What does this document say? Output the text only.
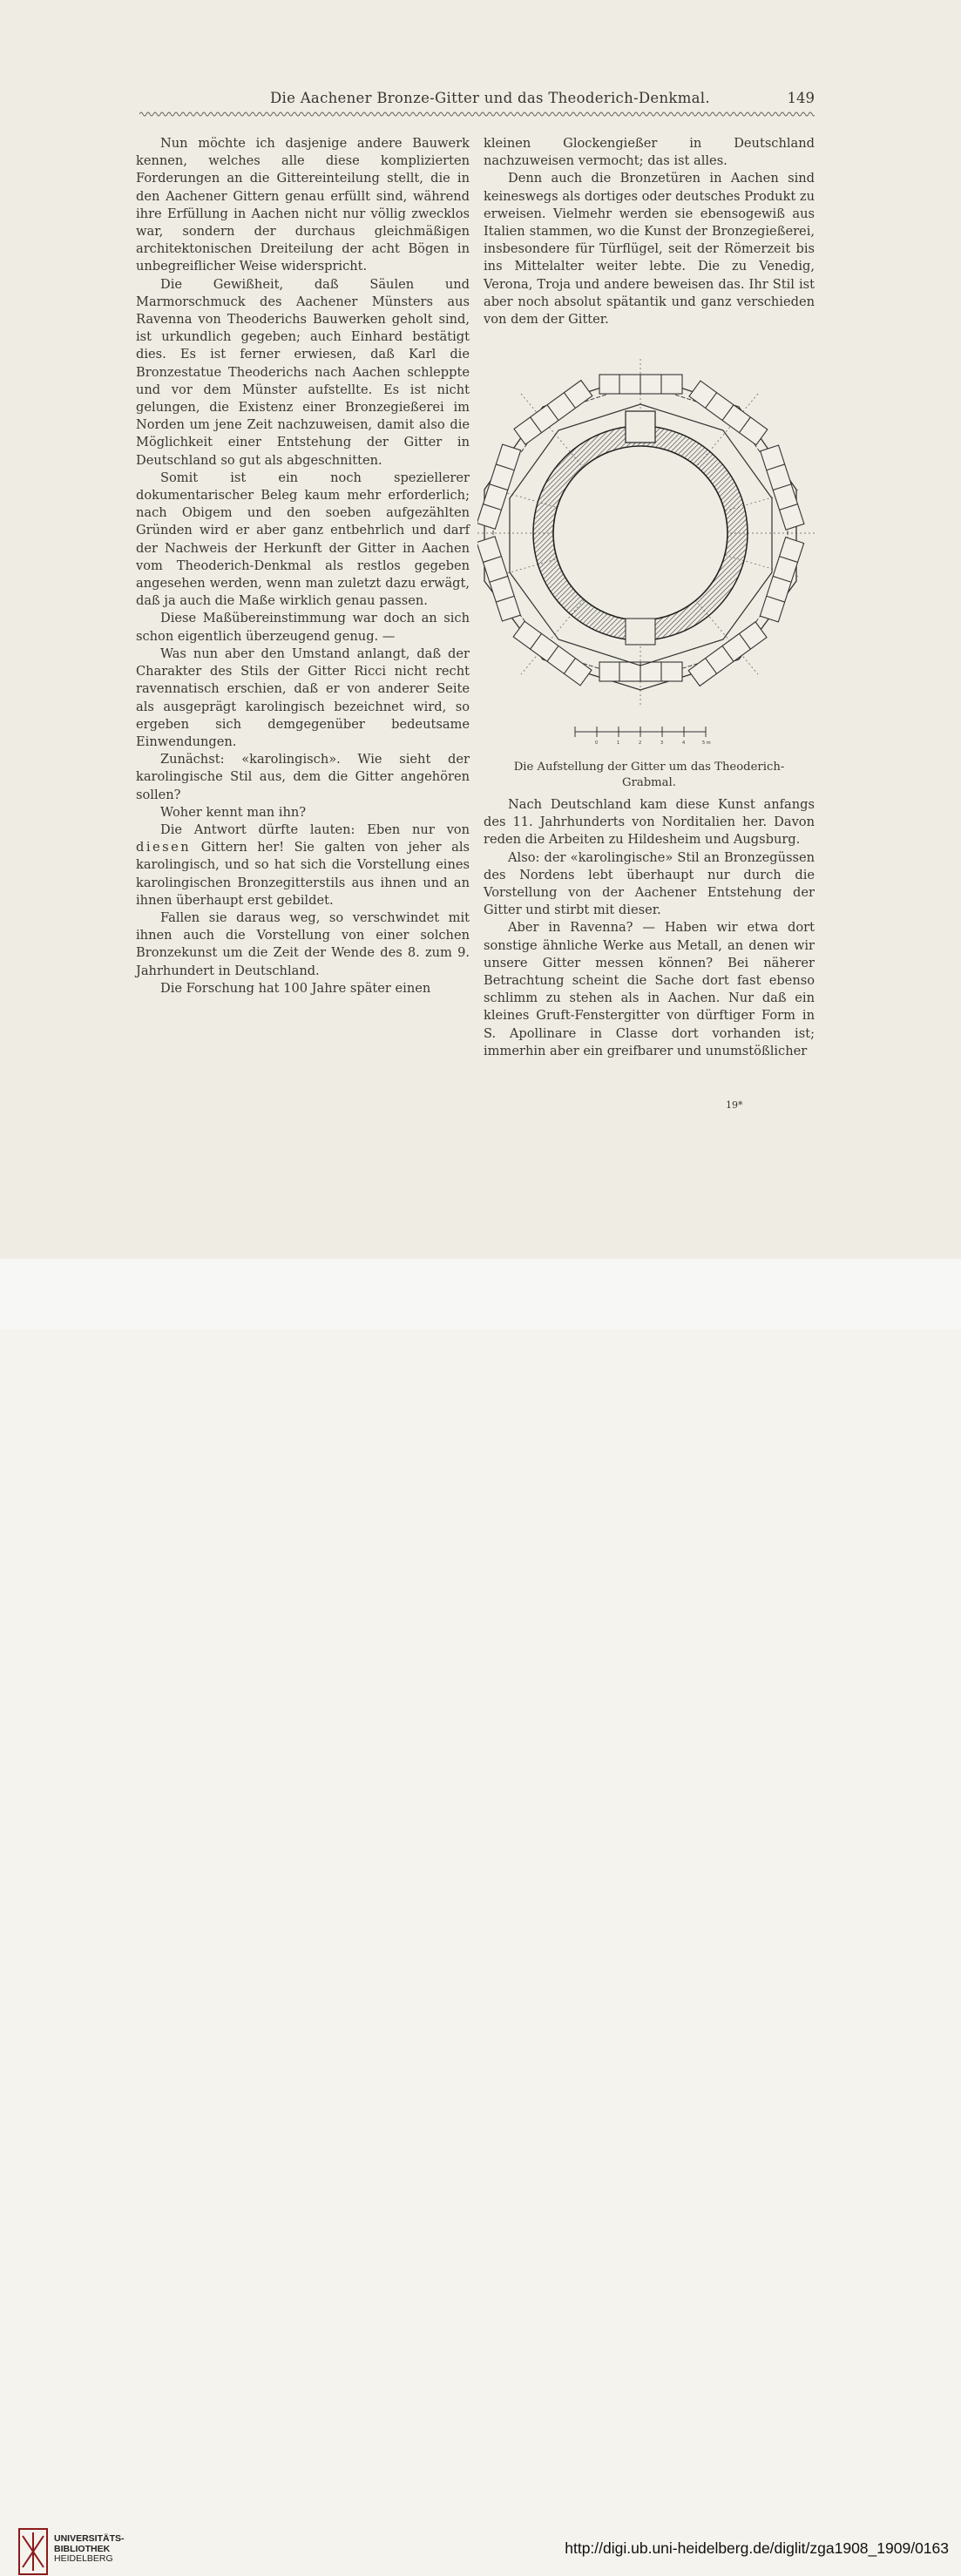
Die Aachener Bronze-Gitter und das Theoderich-Denkmal.	149

Nun möchte ich dasjenige andere Bauwerk kennen, welches alle diese komplizierten Forderungen an die Gittereinteilung stellt, die in den Aachener Gittern genau erfüllt sind, während ihre Erfüllung in Aachen nicht nur völlig zwecklos war, sondern der durchaus gleichmäßigen architektonischen Dreiteilung der acht Bögen in unbegreiflicher Weise widerspricht.

Die Gewißheit, daß Säulen und Marmorschmuck des Aachener Münsters aus Ravenna von Theoderichs Bauwerken geholt sind, ist urkundlich gegeben; auch Einhard bestätigt dies. Es ist ferner erwiesen, daß Karl die Bronzestatue Theoderichs nach Aachen schleppte und vor dem Münster aufstellte. Es ist nicht gelungen, die Existenz einer Bronzegießerei im Norden um jene Zeit nachzuweisen, damit also die Möglichkeit einer Entstehung der Gitter in Deutschland so gut als abgeschnitten.

Somit ist ein noch speziellerer dokumentarischer Beleg kaum mehr erforderlich; nach Obigem und den soeben aufgezählten Gründen wird er aber ganz entbehrlich und darf der Nachweis der Herkunft der Gitter in Aachen vom Theoderich-Denkmal als restlos gegeben angesehen werden, wenn man zuletzt dazu erwägt, daß ja auch die Maße wirklich genau passen.

Diese Maßübereinstimmung war doch an sich schon eigentlich überzeugend genug. —

Was nun aber den Umstand anlangt, daß der Charakter des Stils der Gitter Ricci nicht recht ravennatisch erschien, daß er von anderer Seite als ausgeprägt karolingisch bezeichnet wird, so ergeben sich demgegenüber bedeutsame Einwendungen.

Zunächst: «karolingisch». Wie sieht der karolingische Stil aus, dem die Gitter angehören sollen?

Woher kennt man ihn?

Die Antwort dürfte lauten: Eben nur von diesen Gittern her! Sie galten von jeher als karolingisch, und so hat sich die Vorstellung eines karolingischen Bronzegitterstils aus ihnen und an ihnen überhaupt erst gebildet.

Fallen sie daraus weg, so verschwindet mit ihnen auch die Vorstellung von einer solchen Bronzekunst um die Zeit der Wende des 8. zum 9. Jahrhundert in Deutschland.

Die Forschung hat 100 Jahre später einen

kleinen Glockengießer in Deutschland nachzuweisen vermocht; das ist alles.

Denn auch die Bronzetüren in Aachen sind keineswegs als dortiges oder deutsches Produkt zu erweisen. Vielmehr werden sie ebensogewiß aus Italien stammen, wo die Kunst der Bronzegießerei, insbesondere für Türflügel, seit der Römerzeit bis ins Mittelalter weiter lebte. Die zu Venedig, Verona, Troja und andere beweisen das. Ihr Stil ist aber noch absolut spätantik und ganz verschieden von dem der Gitter.

0	1	2	3	4	5 m
Die Aufstellung der Gitter um das Theoderich-Grabmal.

Nach Deutschland kam diese Kunst anfangs des 11. Jahrhunderts von Norditalien her. Davon reden die Arbeiten zu Hildesheim und Augsburg.

Also: der «karolingische» Stil an Bronzegüssen des Nordens lebt überhaupt nur durch die Vorstellung von der Aachener Entstehung der Gitter und stirbt mit dieser.

Aber in Ravenna? — Haben wir etwa dort sonstige ähnliche Werke aus Metall, an denen wir unsere Gitter messen können? Bei näherer Betrachtung scheint die Sache dort fast ebenso schlimm zu stehen als in Aachen. Nur daß ein kleines Gruft-Fenstergitter von dürftiger Form in S. Apollinare in Classe dort vorhanden ist; immerhin aber ein greifbarer und unumstößlicher

19*
UNIVERSITÄTS-
BIBLIOTHEK
HEIDELBERG
http://digi.ub.uni-heidelberg.de/diglit/zga1908_1909/0163
